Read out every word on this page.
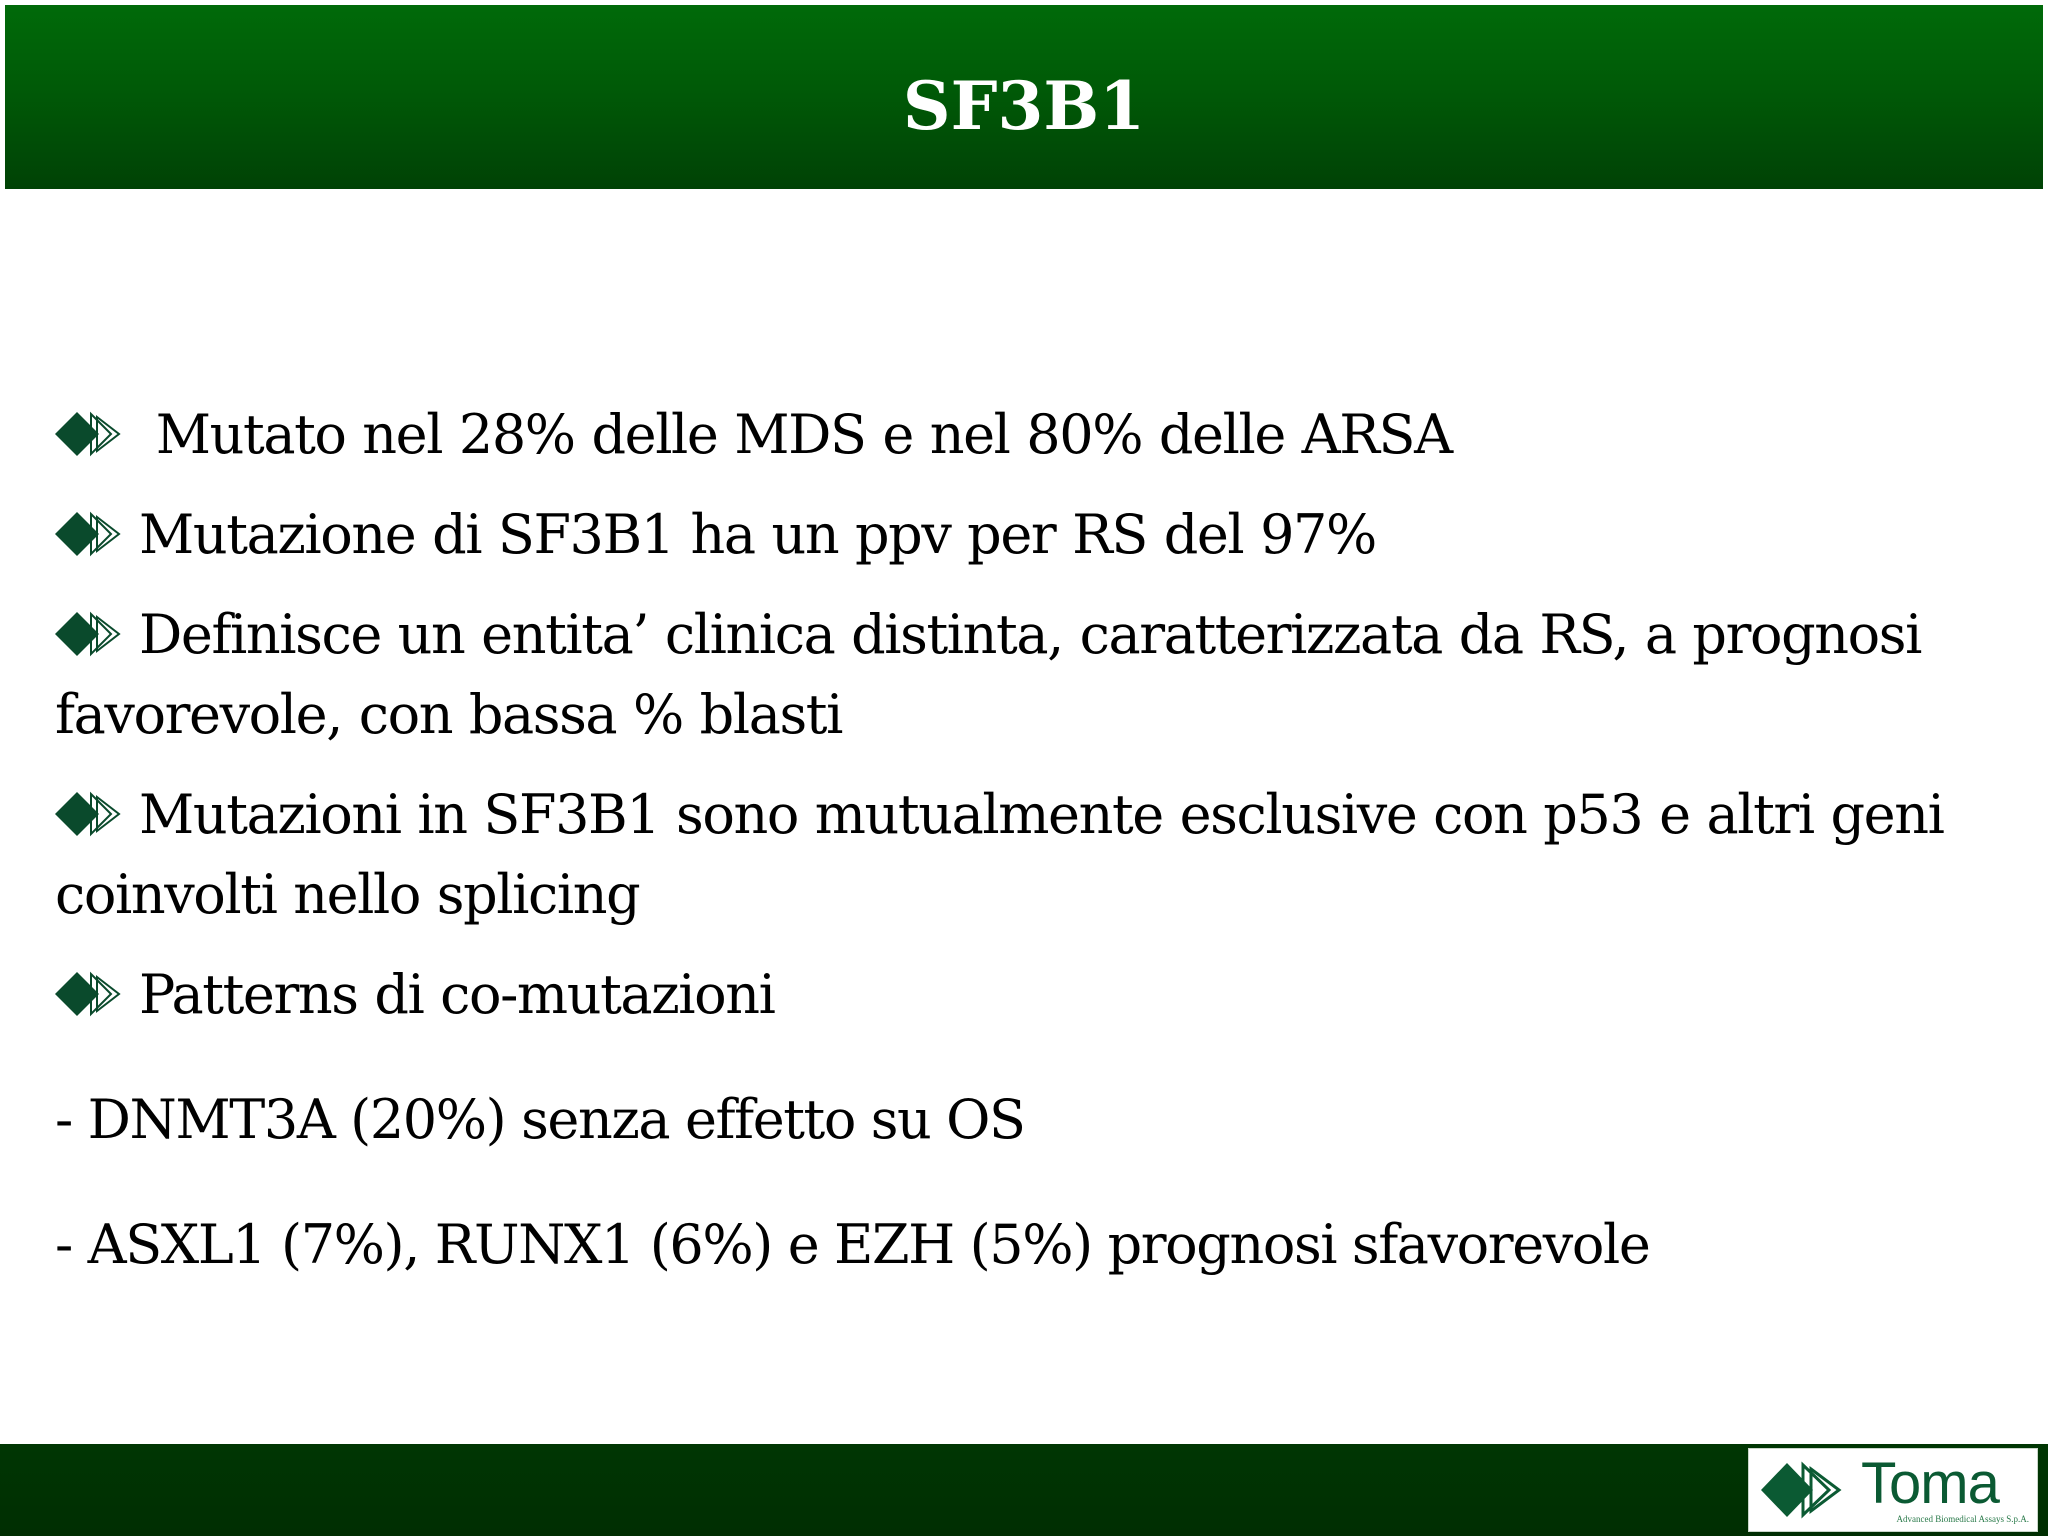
SF3B1
Mutato nel 28% delle MDS e nel 80% delle ARSA
Mutazione di SF3B1 ha un ppv per RS del 97%
Definisce un entita’ clinica distinta, caratterizzata da RS, a prognosi favorevole, con bassa % blasti
Mutazioni in SF3B1 sono mutualmente esclusive con p53 e altri geni coinvolti nello splicing
Patterns di co-mutazioni
- DNMT3A (20%) senza effetto su OS
- ASXL1 (7%), RUNX1 (6%) e EZH (5%) prognosi sfavorevole
Toma
Advanced Biomedical Assays S.p.A.
